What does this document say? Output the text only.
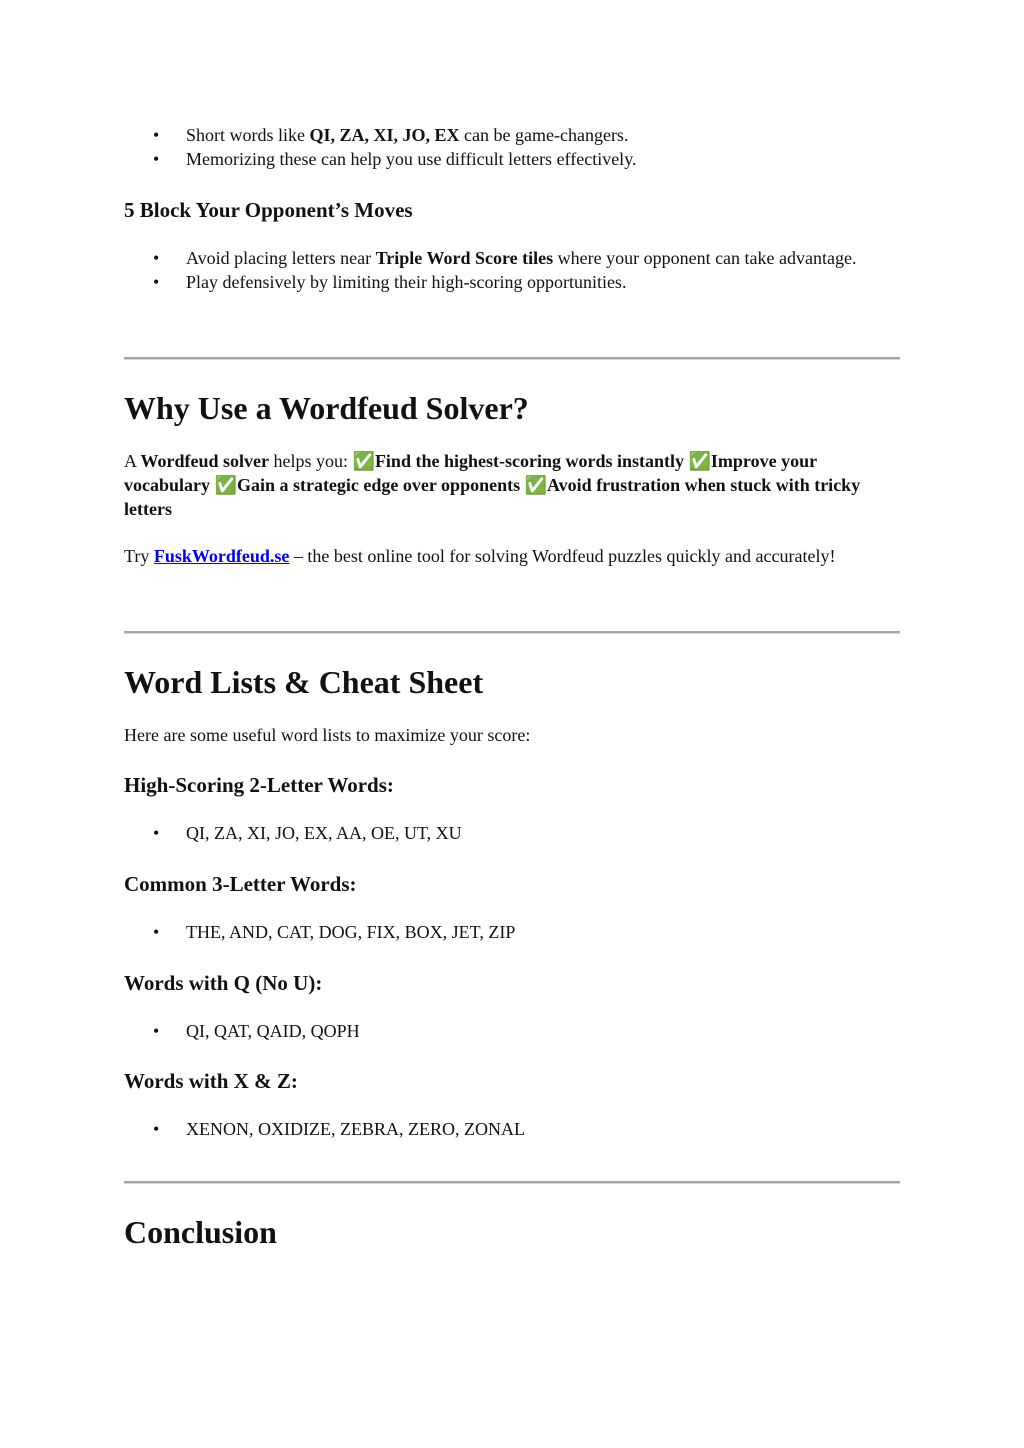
• Short words like QI, ZA, XI, JO, EX can be game-changers.
• Memorizing these can help you use difficult letters effectively.
5 Block Your Opponent’s Moves
• Avoid placing letters near Triple Word Score tiles where your opponent can take advantage.
• Play defensively by limiting their high-scoring opportunities.
Why Use a Wordfeud Solver?

A Wordfeud solver helps you: ✅Find the highest-scoring words instantly ✅Improve your vocabulary ✅Gain a strategic edge over opponents ✅Avoid frustration when stuck with tricky letters

Try FuskWordfeud.se – the best online tool for solving Wordfeud puzzles quickly and accurately!

Word Lists & Cheat Sheet

Here are some useful word lists to maximize your score:

High-Scoring 2-Letter Words:
• QI, ZA, XI, JO, EX, AA, OE, UT, XU
Common 3-Letter Words:
• THE, AND, CAT, DOG, FIX, BOX, JET, ZIP
Words with Q (No U):
• QI, QAT, QAID, QOPH
Words with X & Z:
• XENON, OXIDIZE, ZEBRA, ZERO, ZONAL
Conclusion
